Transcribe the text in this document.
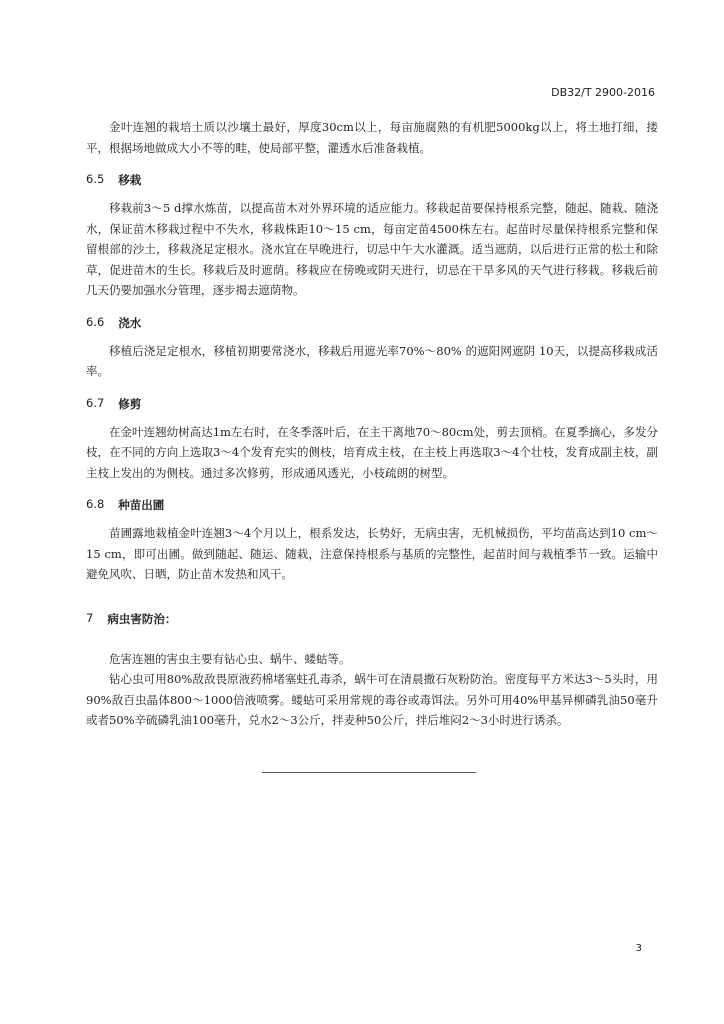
DB32/T 2900-2016

金叶连翘的栽培土质以沙壤土最好，厚度30cm以上，每亩施腐熟的有机肥5000kg以上，将土地打细，搂平，根据场地做成大小不等的畦，使局部平整，灌透水后准备栽植。

6.5 移栽

移栽前3～5 d撑水炼苗，以提高苗木对外界环境的适应能力。移栽起苗要保持根系完整，随起、随栽、随浇水，保证苗木移栽过程中不失水，移栽株距10～15 cm，每亩定苗4500株左右。起苗时尽量保持根系完整和保留根部的沙土，移栽浇足定根水。浇水宜在早晚进行，切忌中午大水灌溉。适当遮荫，以后进行正常的松土和除草，促进苗木的生长。移栽后及时遮荫。移栽应在傍晚或阴天进行，切忌在干旱多风的天气进行移栽。移栽后前几天仍要加强水分管理，逐步揭去遮荫物。

6.6 浇水

移植后浇足定根水，移植初期要常浇水，移栽后用遮光率70%～80% 的遮阳网遮阴 10天，以提高移栽成活率。

6.7 修剪

在金叶连翘幼树高达1m左右时，在冬季落叶后，在主干离地70～80cm处，剪去顶梢。在夏季摘心，多发分枝，在不同的方向上选取3～4个发育充实的侧枝，培育成主枝，在主枝上再选取3～4个壮枝，发育成副主枝，副主枝上发出的为侧枝。通过多次修剪，形成通风透光，小枝疏朗的树型。

6.8 种苗出圃

苗圃露地栽植金叶连翘3～4个月以上，根系发达，长势好，无病虫害，无机械损伤，平均苗高达到10 cm～15 cm，即可出圃。做到随起、随运、随栽，注意保持根系与基质的完整性，起苗时间与栽植季节一致。运输中避免风吹、日晒，防止苗木发热和风干。

7 病虫害防治：

危害连翘的害虫主要有钻心虫、蜗牛、蝼蛄等。

钻心虫可用80%敌敌畏原液药棉堵塞蛀孔毒杀，蜗牛可在清晨撒石灰粉防治。密度每平方米达3～5头时，用90%敌百虫晶体800～1000倍液喷雾。蝼蛄可采用常规的毒谷或毒饵法。另外可用40%甲基异柳磷乳油50毫升或者50%辛硫磷乳油100毫升，兑水2～3公斤，拌麦种50公斤，拌后堆闷2～3小时进行诱杀。

3
